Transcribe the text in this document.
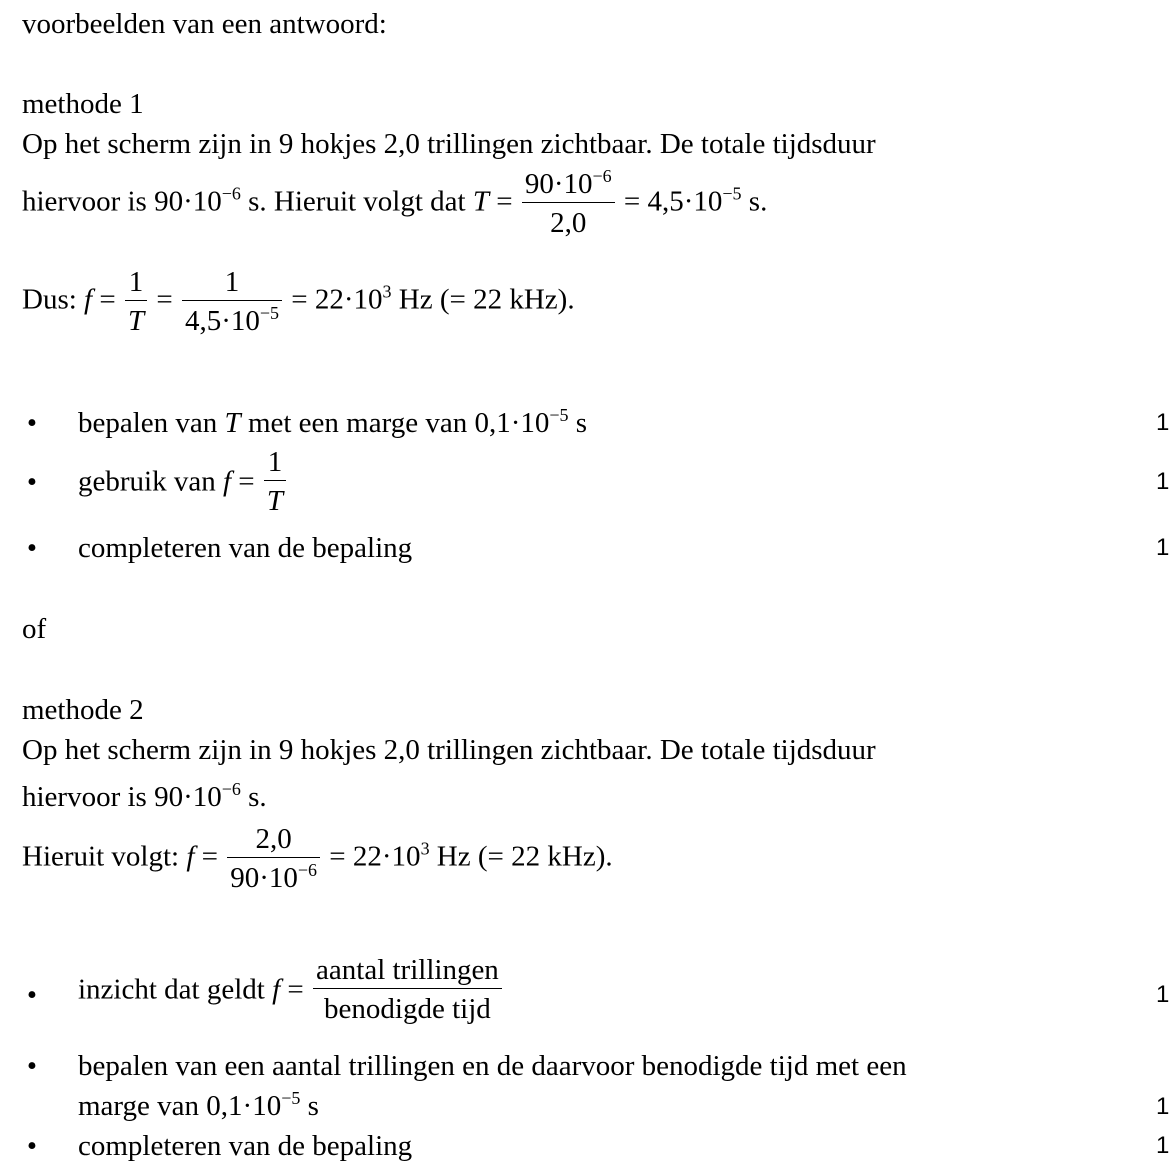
voorbeelden van een antwoord:
methode 1
Op het scherm zijn in 9 hokjes 2,0 trillingen zichtbaar. De totale tijdsduur
hiervoor is $90\cdot 10^{-6}$ s. Hieruit volgt dat $T = \frac{90\cdot 10^{-6}}{2,0} = 4,5\cdot 10^{-5}$ s.
Dus: $f = \frac{1}{T} = \frac{1}{4,5\cdot 10^{-5}} = 22\cdot 10^3$ Hz (= 22 kHz).
• bepalen van T met een marge van $0,1\cdot 10^{-5}$ s	1
• gebruik van $f = \frac{1}{T}$	1
• completeren van de bepaling	1
of
methode 2
Op het scherm zijn in 9 hokjes 2,0 trillingen zichtbaar. De totale tijdsduur
hiervoor is $90\cdot 10^{-6}$ s.
Hieruit volgt: $f = \frac{2,0}{90\cdot 10^{-6}} = 22\cdot 10^3$ Hz (= 22 kHz).
• inzicht dat geldt $f = \frac{\text{aantal trillingen}}{\text{benodigde tijd}}$	1
• bepalen van een aantal trillingen en de daarvoor benodigde tijd met een
marge van $0,1\cdot 10^{-5}$ s	1
• completeren van de bepaling	1
